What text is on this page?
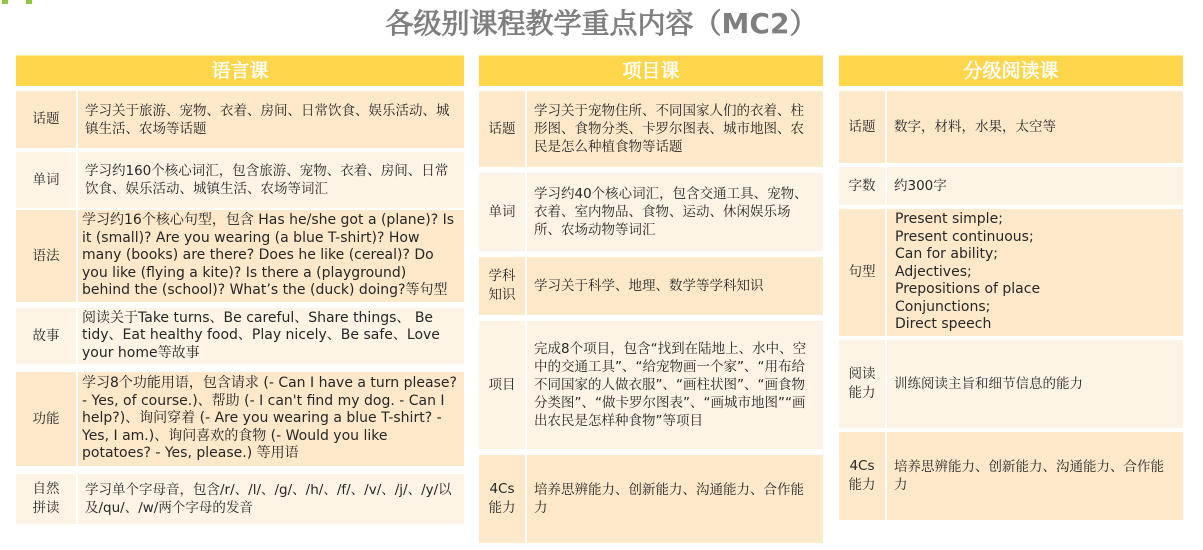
各级别课程教学重点内容（MC2）
语言课
话题
学习关于旅游、宠物、衣着、房间、日常饮食、娱乐活动、城镇生活、农场等话题
单词
学习约160个核心词汇，包含旅游、宠物、衣着、房间、日常饮食、娱乐活动、城镇生活、农场等词汇
语法
学习约16个核心句型，包含 Has he/she got a (plane)? Is it (small)? Are you wearing (a blue T-shirt)? How many (books) are there? Does he like (cereal)? Do you like (flying a kite)? Is there a (playground) behind the (school)? What’s the (duck) doing?等句型
故事
阅读关于Take turns、Be careful、Share things、 Be tidy、Eat healthy food、Play nicely、Be safe、Love your home等故事
功能
学习8个功能用语，包含请求 (- Can I have a turn please? - Yes, of course.)、帮助 (- I can't find my dog. - Can I help?)、询问穿着 (- Are you wearing a blue T-shirt? - Yes, I am.)、询问喜欢的食物 (- Would you like potatoes? - Yes, please.) 等用语
自然
拼读
学习单个字母音，包含/r/、/l/、/g/、/h/、/f/、/v/、/j/、/y/以及/qu/、/w/两个字母的发音
项目课
话题
学习关于宠物住所、不同国家人们的衣着、柱形图、食物分类、卡罗尔图表、城市地图、农民是怎么种植食物等话题
单词
学习约40个核心词汇，包含交通工具、宠物、衣着、室内物品、食物、运动、休闲娱乐场所、农场动物等词汇
学科
知识
学习关于科学、地理、数学等学科知识
项目
完成8个项目，包含“找到在陆地上、水中、空中的交通工具”、“给宠物画一个家”、“用布给不同国家的人做衣服”、“画柱状图”、“画食物分类图”、“做卡罗尔图表”、“画城市地图”“画出农民是怎样种食物”等项目
4Cs
能力
培养思辨能力、创新能力、沟通能力、合作能力
分级阅读课
话题	数字，材料，水果，太空等
字数	约300字
句型
Present simple;
Present continuous;
Can for ability;
Adjectives;
Prepositions of place
Conjunctions;
Direct speech
阅读
能力
训练阅读主旨和细节信息的能力
4Cs
能力
培养思辨能力、创新能力、沟通能力、合作能力
